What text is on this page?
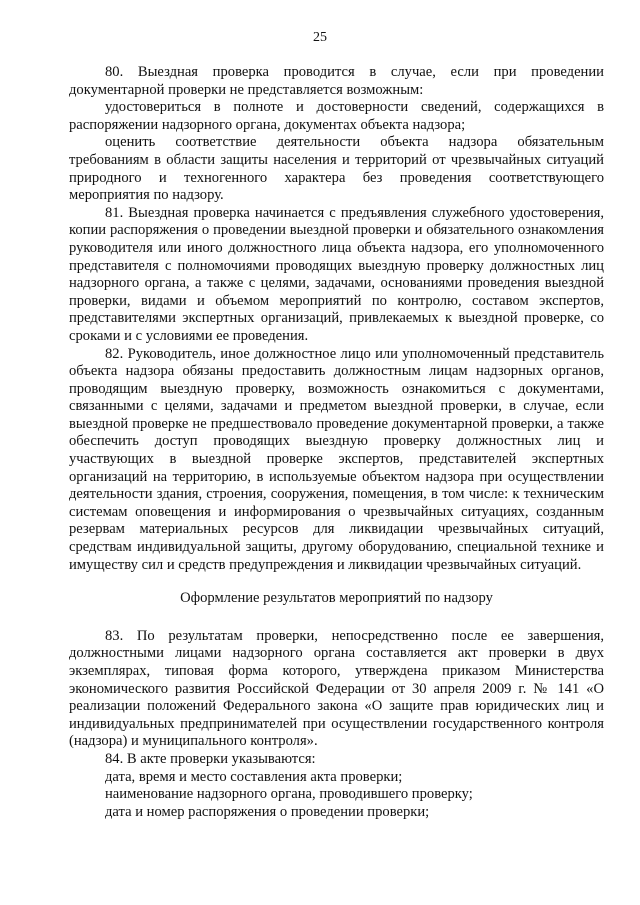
25

80. Выездная проверка проводится в случае, если при проведении документарной проверки не представляется возможным:

удостовериться в полноте и достоверности сведений, содержащихся в распоряжении надзорного органа, документах объекта надзора;

оценить соответствие деятельности объекта надзора обязательным требованиям в области защиты населения и территорий от чрезвычайных ситуаций природного и техногенного характера без проведения соответствующего мероприятия по надзору.

81. Выездная проверка начинается с предъявления служебного удостоверения, копии распоряжения о проведении выездной проверки и обязательного ознакомления руководителя или иного должностного лица объекта надзора, его уполномоченного представителя с полномочиями проводящих выездную проверку должностных лиц надзорного органа, а также с целями, задачами, основаниями проведения выездной проверки, видами и объемом мероприятий по контролю, составом экспертов, представителями экспертных организаций, привлекаемых к выездной проверке, со сроками и с условиями ее проведения.

82. Руководитель, иное должностное лицо или уполномоченный представитель объекта надзора обязаны предоставить должностным лицам надзорных органов, проводящим выездную проверку, возможность ознакомиться с документами, связанными с целями, задачами и предметом выездной проверки, в случае, если выездной проверке не предшествовало проведение документарной проверки, а также обеспечить доступ проводящих выездную проверку должностных лиц и участвующих в выездной проверке экспертов, представителей экспертных организаций на территорию, в используемые объектом надзора при осуществлении деятельности здания, строения, сооружения, помещения, в том числе: к техническим системам оповещения и информирования о чрезвычайных ситуациях, созданным резервам материальных ресурсов для ликвидации чрезвычайных ситуаций, средствам индивидуальной защиты, другому оборудованию, специальной технике и имуществу сил и средств предупреждения и ликвидации чрезвычайных ситуаций.

Оформление результатов мероприятий по надзору

83. По результатам проверки, непосредственно после ее завершения, должностными лицами надзорного органа составляется акт проверки в двух экземплярах, типовая форма которого, утверждена приказом Министерства экономического развития Российской Федерации от 30 апреля 2009 г. № 141 «О реализации положений Федерального закона «О защите прав юридических лиц и индивидуальных предпринимателей при осуществлении государственного контроля (надзора) и муниципального контроля».

84. В акте проверки указываются:

дата, время и место составления акта проверки;

наименование надзорного органа, проводившего проверку;

дата и номер распоряжения о проведении проверки;
